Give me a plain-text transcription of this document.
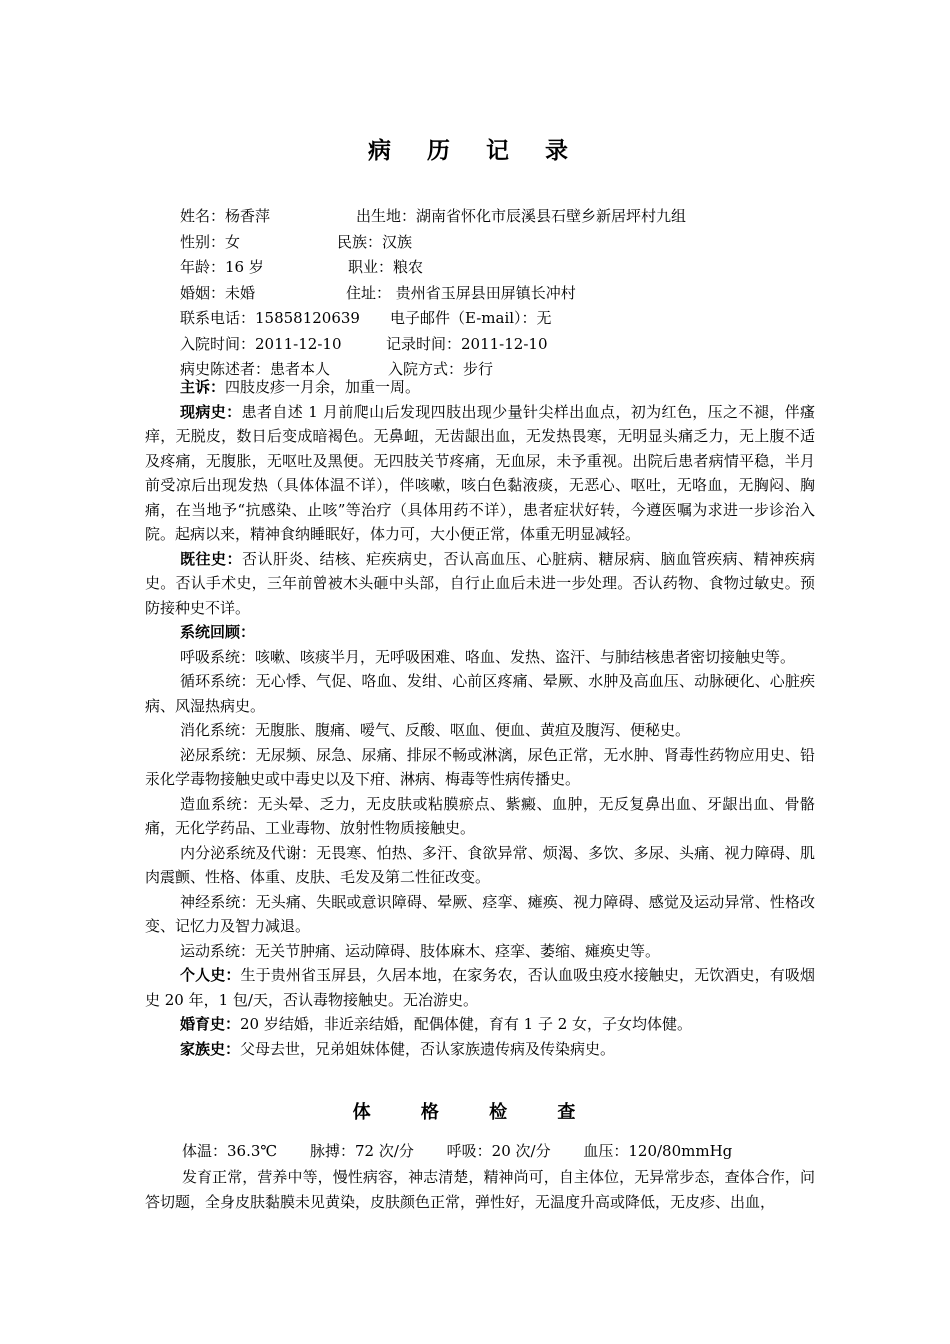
病 历 记 录
姓名：杨香萍	出生地：湖南省怀化市辰溪县石壁乡新居坪村九组
性别：女	民族：汉族
年龄：16 岁	职业：粮农
婚姻：未婚	住址： 贵州省玉屏县田屏镇长冲村
联系电话：15858120639 电子邮件（E-mail）：无
入院时间：2011-12-10	记录时间：2011-12-10
病史陈述者：患者本人	入院方式：步行

主诉：四肢皮疹一月余，加重一周。

现病史：患者自述 1 月前爬山后发现四肢出现少量针尖样出血点，初为红色，压之不褪，伴瘙痒，无脱皮，数日后变成暗褐色。无鼻衄，无齿龈出血，无发热畏寒，无明显头痛乏力，无上腹不适及疼痛，无腹胀，无呕吐及黑便。无四肢关节疼痛，无血尿，未予重视。出院后患者病情平稳，半月前受凉后出现发热（具体体温不详），伴咳嗽，咳白色黏液痰，无恶心、呕吐，无咯血，无胸闷、胸痛，在当地予“抗感染、止咳”等治疗（具体用药不详），患者症状好转，今遵医嘱为求进一步诊治入院。起病以来，精神食纳睡眠好，体力可，大小便正常，体重无明显减轻。

既往史：否认肝炎、结核、疟疾病史，否认高血压、心脏病、糖尿病、脑血管疾病、精神疾病史。否认手术史，三年前曾被木头砸中头部，自行止血后未进一步处理。否认药物、食物过敏史。预防接种史不详。

系统回顾：

呼吸系统：咳嗽、咳痰半月，无呼吸困难、咯血、发热、盗汗、与肺结核患者密切接触史等。

循环系统：无心悸、气促、咯血、发绀、心前区疼痛、晕厥、水肿及高血压、动脉硬化、心脏疾病、风湿热病史。

消化系统：无腹胀、腹痛、嗳气、反酸、呕血、便血、黄疸及腹泻、便秘史。

泌尿系统：无尿频、尿急、尿痛、排尿不畅或淋漓，尿色正常，无水肿、肾毒性药物应用史、铅汞化学毒物接触史或中毒史以及下疳、淋病、梅毒等性病传播史。

造血系统：无头晕、乏力，无皮肤或粘膜瘀点、紫癜、血肿，无反复鼻出血、牙龈出血、骨骼痛，无化学药品、工业毒物、放射性物质接触史。

内分泌系统及代谢：无畏寒、怕热、多汗、食欲异常、烦渴、多饮、多尿、头痛、视力障碍、肌肉震颤、性格、体重、皮肤、毛发及第二性征改变。

神经系统：无头痛、失眠或意识障碍、晕厥、痉挛、瘫痪、视力障碍、感觉及运动异常、性格改变、记忆力及智力减退。

运动系统：无关节肿痛、运动障碍、肢体麻木、痉挛、萎缩、瘫痪史等。

个人史：生于贵州省玉屏县，久居本地，在家务农，否认血吸虫疫水接触史，无饮酒史，有吸烟史 20 年，1 包/天，否认毒物接触史。无冶游史。

婚育史：20 岁结婚，非近亲结婚，配偶体健，育有 1 子 2 女，子女均体健。

家族史：父母去世，兄弟姐妹体健，否认家族遗传病及传染病史。

体 格 检 查
体温：36.3℃ 脉搏：72 次/分 呼吸：20 次/分 血压：120/80mmHg

发育正常，营养中等，慢性病容，神志清楚，精神尚可，自主体位，无异常步态，查体合作，问答切题，全身皮肤黏膜未见黄染，皮肤颜色正常，弹性好，无温度升高或降低，无皮疹、出血，
